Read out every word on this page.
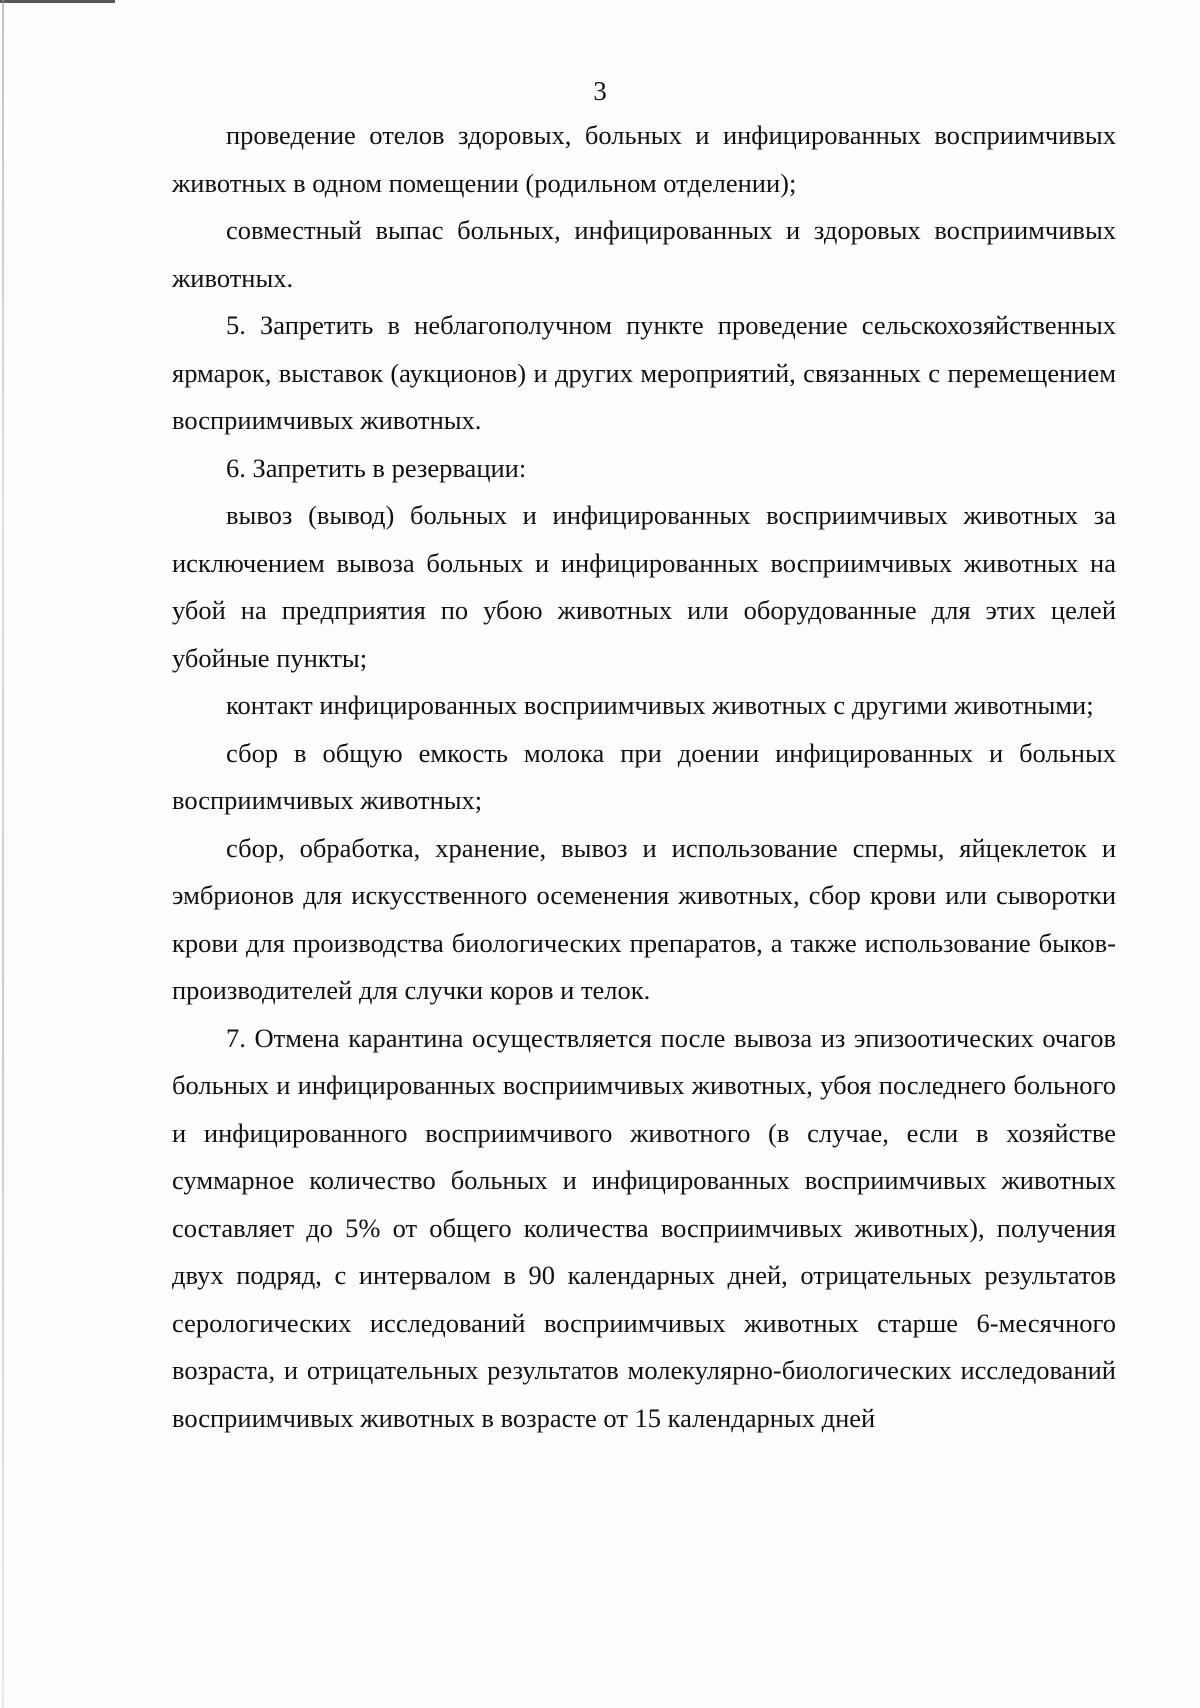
3

проведение отелов здоровых, больных и инфицированных восприимчивых животных в одном помещении (родильном отделении);

совместный выпас больных, инфицированных и здоровых восприимчивых животных.

5. Запретить в неблагополучном пункте проведение сельскохозяйственных ярмарок, выставок (аукционов) и других мероприятий, связанных с перемещением восприимчивых животных.

6. Запретить в резервации:

вывоз (вывод) больных и инфицированных восприимчивых животных за исключением вывоза больных и инфицированных восприимчивых животных на убой на предприятия по убою животных или оборудованные для этих целей убойные пункты;

контакт инфицированных восприимчивых животных с другими животными;

сбор в общую емкость молока при доении инфицированных и больных восприимчивых животных;

сбор, обработка, хранение, вывоз и использование спермы, яйцеклеток и эмбрионов для искусственного осеменения животных, сбор крови или сыворотки крови для производства биологических препаратов, а также использование быков-производителей для случки коров и телок.

7. Отмена карантина осуществляется после вывоза из эпизоотических очагов больных и инфицированных восприимчивых животных, убоя последнего больного и инфицированного восприимчивого животного (в случае, если в хозяйстве суммарное количество больных и инфицированных восприимчивых животных составляет до 5% от общего количества восприимчивых животных), получения двух подряд, с интервалом в 90 календарных дней, отрицательных результатов серологических исследований восприимчивых животных старше 6-месячного возраста, и отрицательных результатов молекулярно-биологических исследований восприимчивых животных в возрасте от 15 календарных дней
